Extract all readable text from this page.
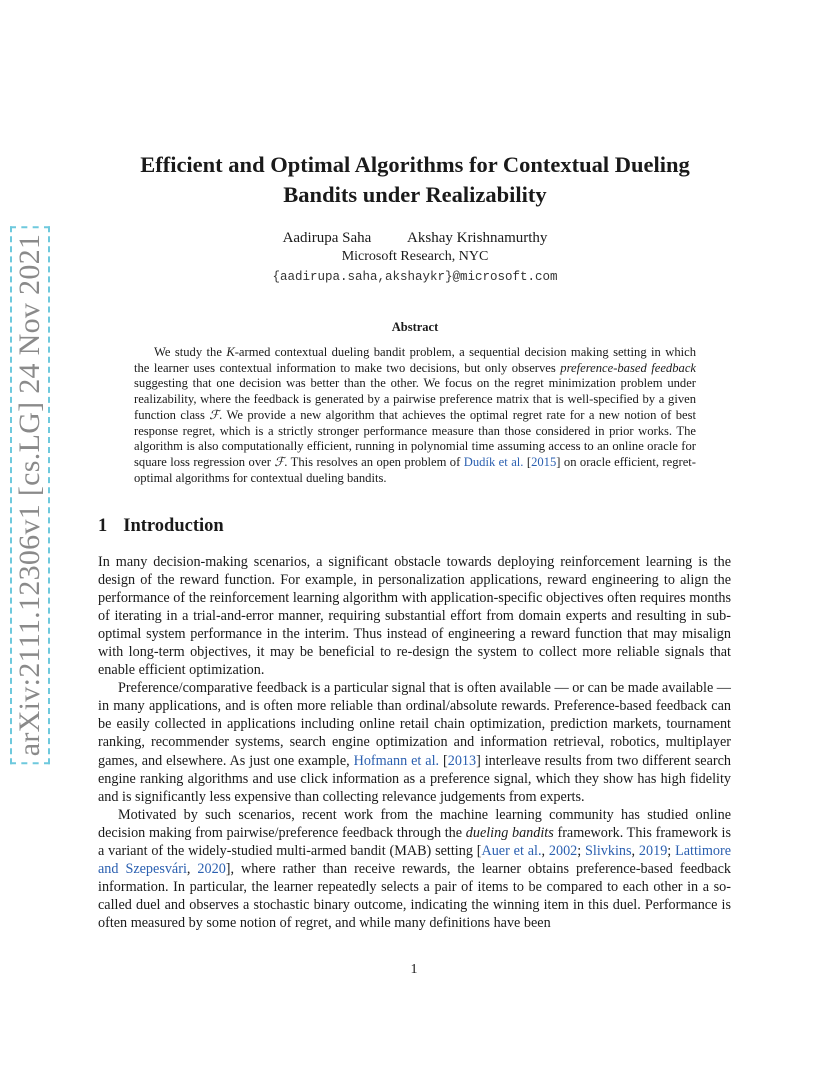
arXiv:2111.12306v1 [cs.LG] 24 Nov 2021
Efficient and Optimal Algorithms for Contextual Dueling
Bandits under Realizability
Aadirupa Saha Akshay Krishnamurthy
Microsoft Research, NYC
{aadirupa.saha,akshaykr}@microsoft.com
Abstract

We study the K-armed contextual dueling bandit problem, a sequential decision making setting in which the learner uses contextual information to make two decisions, but only observes preference-based feedback suggesting that one decision was better than the other. We focus on the regret minimization problem under realizability, where the feedback is generated by a pairwise preference matrix that is well-specified by a given function class ℱ. We provide a new algorithm that achieves the optimal regret rate for a new notion of best response regret, which is a strictly stronger performance measure than those considered in prior works. The algorithm is also computationally efficient, running in polynomial time assuming access to an online oracle for square loss regression over ℱ. This resolves an open problem of Dudík et al. [2015] on oracle efficient, regret-optimal algorithms for contextual dueling bandits.

1 Introduction

In many decision-making scenarios, a significant obstacle towards deploying reinforcement learning is the design of the reward function. For example, in personalization applications, reward engineering to align the performance of the reinforcement learning algorithm with application-specific objectives often requires months of iterating in a trial-and-error manner, requiring substantial effort from domain experts and resulting in sub-optimal system performance in the interim. Thus instead of engineering a reward function that may misalign with long-term objectives, it may be beneficial to re-design the system to collect more reliable signals that enable efficient optimization.

Preference/comparative feedback is a particular signal that is often available — or can be made available — in many applications, and is often more reliable than ordinal/absolute rewards. Preference-based feedback can be easily collected in applications including online retail chain optimization, prediction markets, tournament ranking, recommender systems, search engine optimization and information retrieval, robotics, multiplayer games, and elsewhere. As just one example, Hofmann et al. [2013] interleave results from two different search engine ranking algorithms and use click information as a preference signal, which they show has high fidelity and is significantly less expensive than collecting relevance judgements from experts.

Motivated by such scenarios, recent work from the machine learning community has studied online decision making from pairwise/preference feedback through the dueling bandits framework. This framework is a variant of the widely-studied multi-armed bandit (MAB) setting [Auer et al., 2002; Slivkins, 2019; Lattimore and Szepesvári, 2020], where rather than receive rewards, the learner obtains preference-based feedback information. In particular, the learner repeatedly selects a pair of items to be compared to each other in a so-called duel and observes a stochastic binary outcome, indicating the winning item in this duel. Performance is often measured by some notion of regret, and while many definitions have been

1
